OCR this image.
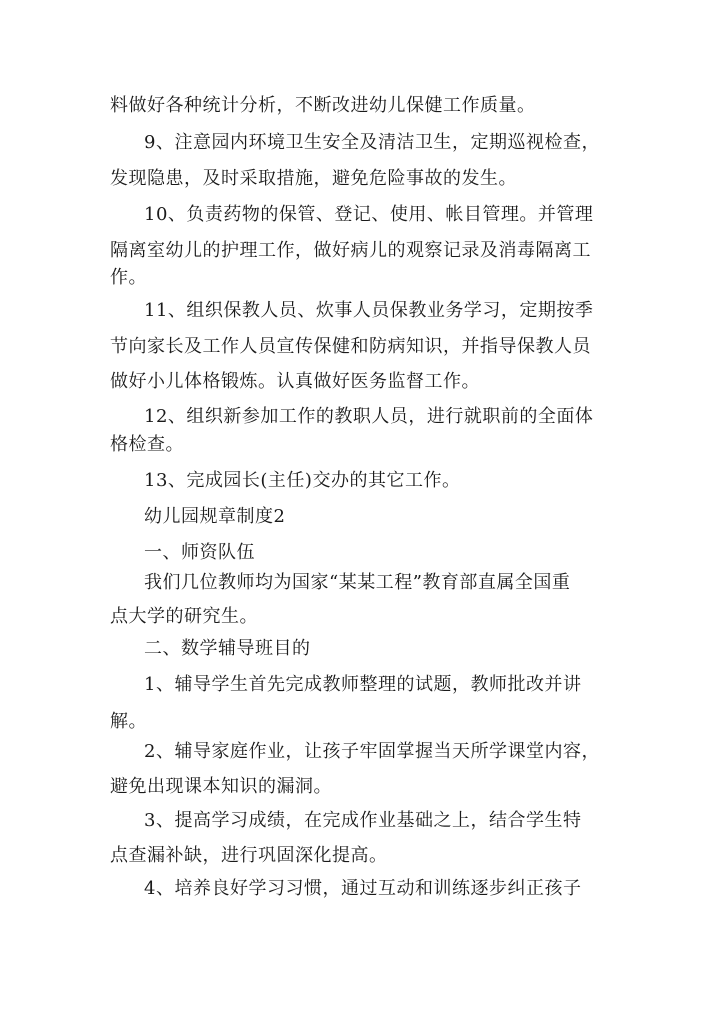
料做好各种统计分析，不断改进幼儿保健工作质量。
9、注意园内环境卫生安全及清洁卫生，定期巡视检查，
发现隐患，及时采取措施，避免危险事故的发生。
10、负责药物的保管、登记、使用、帐目管理。并管理
隔离室幼儿的护理工作，做好病儿的观察记录及消毒隔离工
作。
11、组织保教人员、炊事人员保教业务学习，定期按季
节向家长及工作人员宣传保健和防病知识，并指导保教人员
做好小儿体格锻炼。认真做好医务监督工作。
12、组织新参加工作的教职人员，进行就职前的全面体
格检查。
13、完成园长(主任)交办的其它工作。
幼儿园规章制度2
一、师资队伍
我们几位教师均为国家“某某工程”教育部直属全国重
点大学的研究生。
二、数学辅导班目的
1、辅导学生首先完成教师整理的试题，教师批改并讲
解。
2、辅导家庭作业，让孩子牢固掌握当天所学课堂内容，
避免出现课本知识的漏洞。
3、提高学习成绩，在完成作业基础之上，结合学生特
点查漏补缺，进行巩固深化提高。
4、培养良好学习习惯，通过互动和训练逐步纠正孩子
